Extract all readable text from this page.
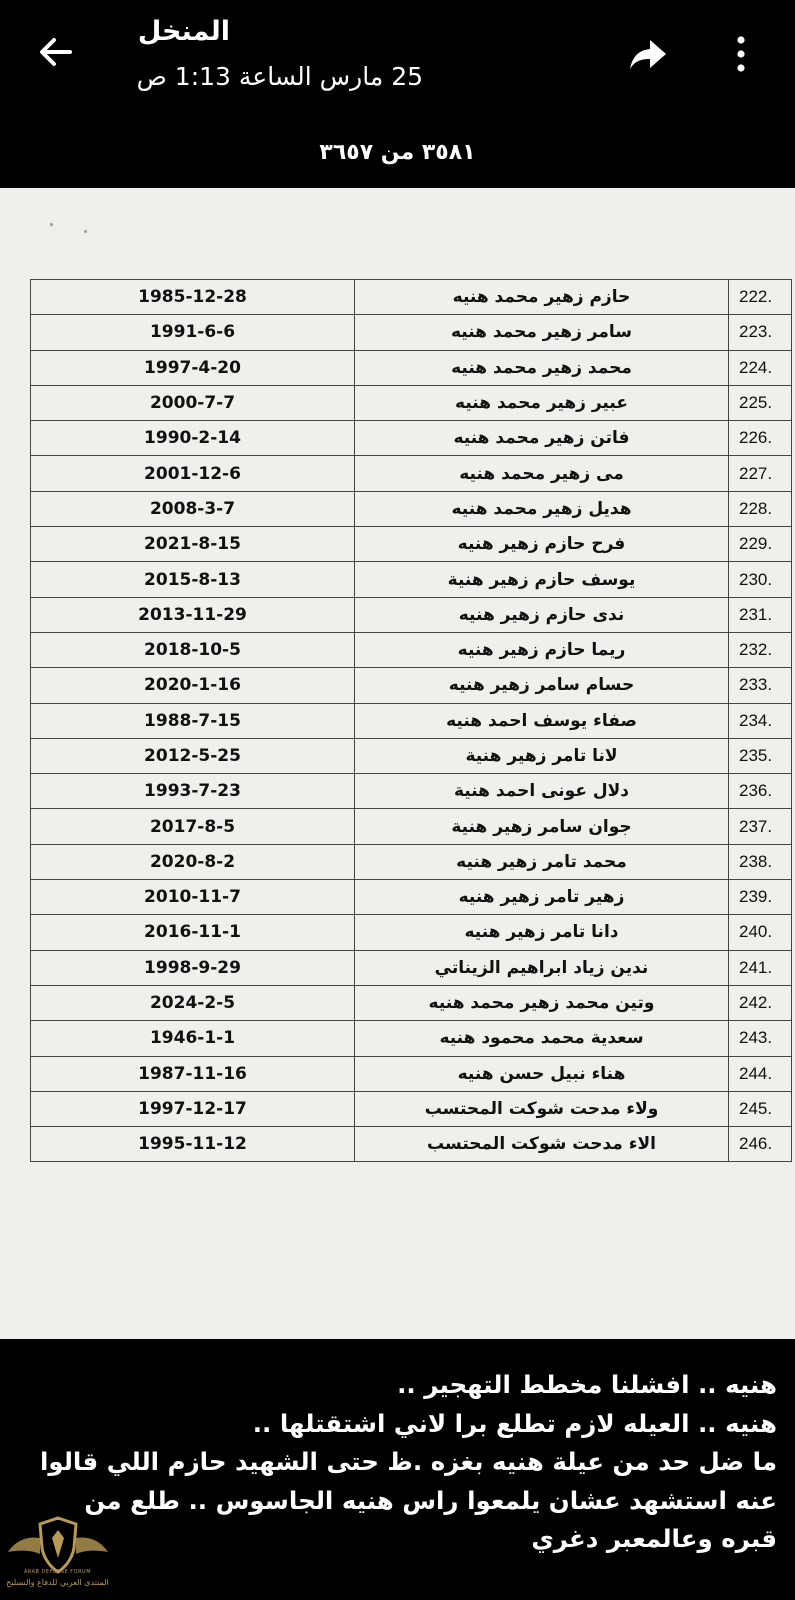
المنخل
25 مارس الساعة 1:13 ص
٣٥٨١ من ٣٦٥٧
1985-12-28	حازم زهير محمد هنيه	222.
1991-6-6	سامر زهير محمد هنيه	223.
1997-4-20	محمد زهير محمد هنيه	224.
2000-7-7	عبير زهير محمد هنيه	225.
1990-2-14	فاتن زهير محمد هنيه	226.
2001-12-6	مى زهير محمد هنيه	227.
2008-3-7	هديل زهير محمد هنيه	228.
2021-8-15	فرح حازم زهير هنيه	229.
2015-8-13	يوسف حازم زهير هنية	230.
2013-11-29	ندى حازم زهير هنيه	231.
2018-10-5	ريما حازم زهير هنيه	232.
2020-1-16	حسام سامر زهير هنيه	233.
1988-7-15	صفاء يوسف احمد هنيه	234.
2012-5-25	لانا تامر زهير هنية	235.
1993-7-23	دلال عونى احمد هنية	236.
2017-8-5	جوان سامر زهير هنية	237.
2020-8-2	محمد تامر زهير هنيه	238.
2010-11-7	زهير تامر زهير هنيه	239.
2016-11-1	دانا تامر زهير هنيه	240.
1998-9-29	ندين زياد ابراهيم الزيناتي	241.
2024-2-5	وتين محمد زهير محمد هنيه	242.
1946-1-1	سعدية محمد محمود هنيه	243.
1987-11-16	هناء نبيل حسن هنيه	244.
1997-12-17	ولاء مدحت شوكت المحتسب	245.
1995-11-12	الاء مدحت شوكت المحتسب	246.
هنيه .. افشلنا مخطط التهجير ..
هنيه .. العيله لازم تطلع برا لاني اشتقتلها ..
ما ضل حد من عيلة هنيه بغزه .ظ حتى الشهيد حازم اللي قالوا
عنه استشهد عشان يلمعوا راس هنيه الجاسوس .. طلع من
قبره وعالمعبر دغري
ARAB DEFENSE FORUM
المنتدى العربي للدفاع والتسليح
